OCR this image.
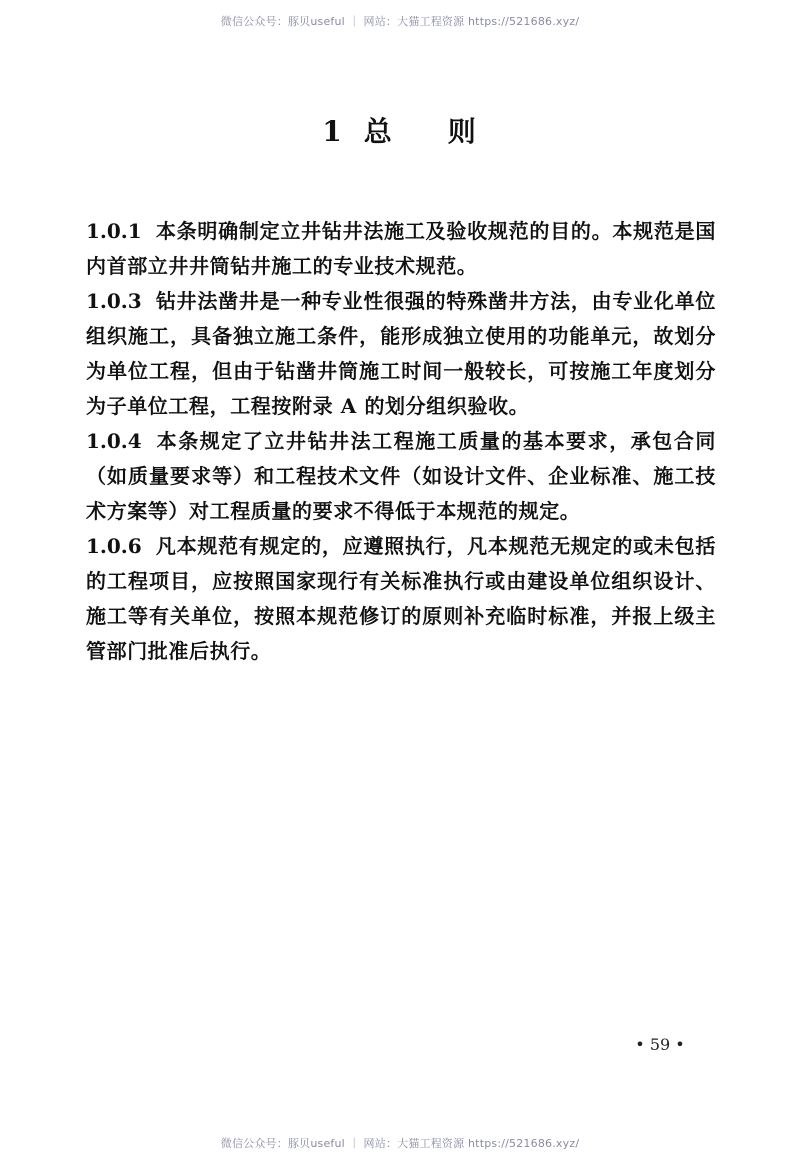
微信公众号：豚贝useful ｜ 网站：大猫工程资源 https://521686.xyz/
1 总 则

1.0.1 本条明确制定立井钻井法施工及验收规范的目的。本规范是国内首部立井井筒钻井施工的专业技术规范。

1.0.3 钻井法凿井是一种专业性很强的特殊凿井方法，由专业化单位组织施工，具备独立施工条件，能形成独立使用的功能单元，故划分为单位工程，但由于钻凿井筒施工时间一般较长，可按施工年度划分为子单位工程，工程按附录 A 的划分组织验收。

1.0.4 本条规定了立井钻井法工程施工质量的基本要求，承包合同（如质量要求等）和工程技术文件（如设计文件、企业标准、施工技术方案等）对工程质量的要求不得低于本规范的规定。

1.0.6 凡本规范有规定的，应遵照执行，凡本规范无规定的或未包括的工程项目，应按照国家现行有关标准执行或由建设单位组织设计、施工等有关单位，按照本规范修订的原则补充临时标准，并报上级主管部门批准后执行。

• 59 •
微信公众号：豚贝useful ｜ 网站：大猫工程资源 https://521686.xyz/
